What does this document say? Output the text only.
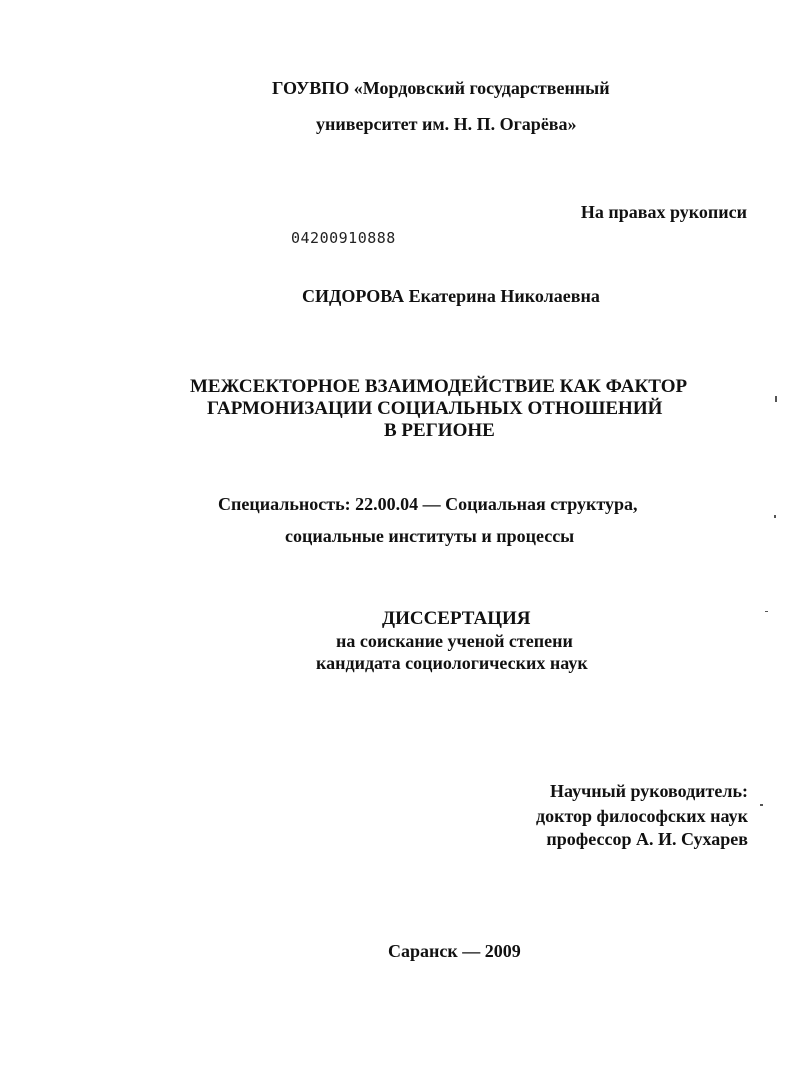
ГОУВПО «Мордовский государственный
университет им. Н. П. Огарёва»
На правах рукописи
04200910888
СИДОРОВА Екатерина Николаевна
МЕЖСЕКТОРНОЕ ВЗАИМОДЕЙСТВИЕ КАК ФАКТОР
ГАРМОНИЗАЦИИ СОЦИАЛЬНЫХ ОТНОШЕНИЙ
В РЕГИОНЕ
Специальность: 22.00.04 — Социальная структура,
социальные институты и процессы
ДИССЕРТАЦИЯ
на соискание ученой степени
кандидата социологических наук
Научный руководитель:
доктор философских наук
профессор А. И. Сухарев
Саранск — 2009
